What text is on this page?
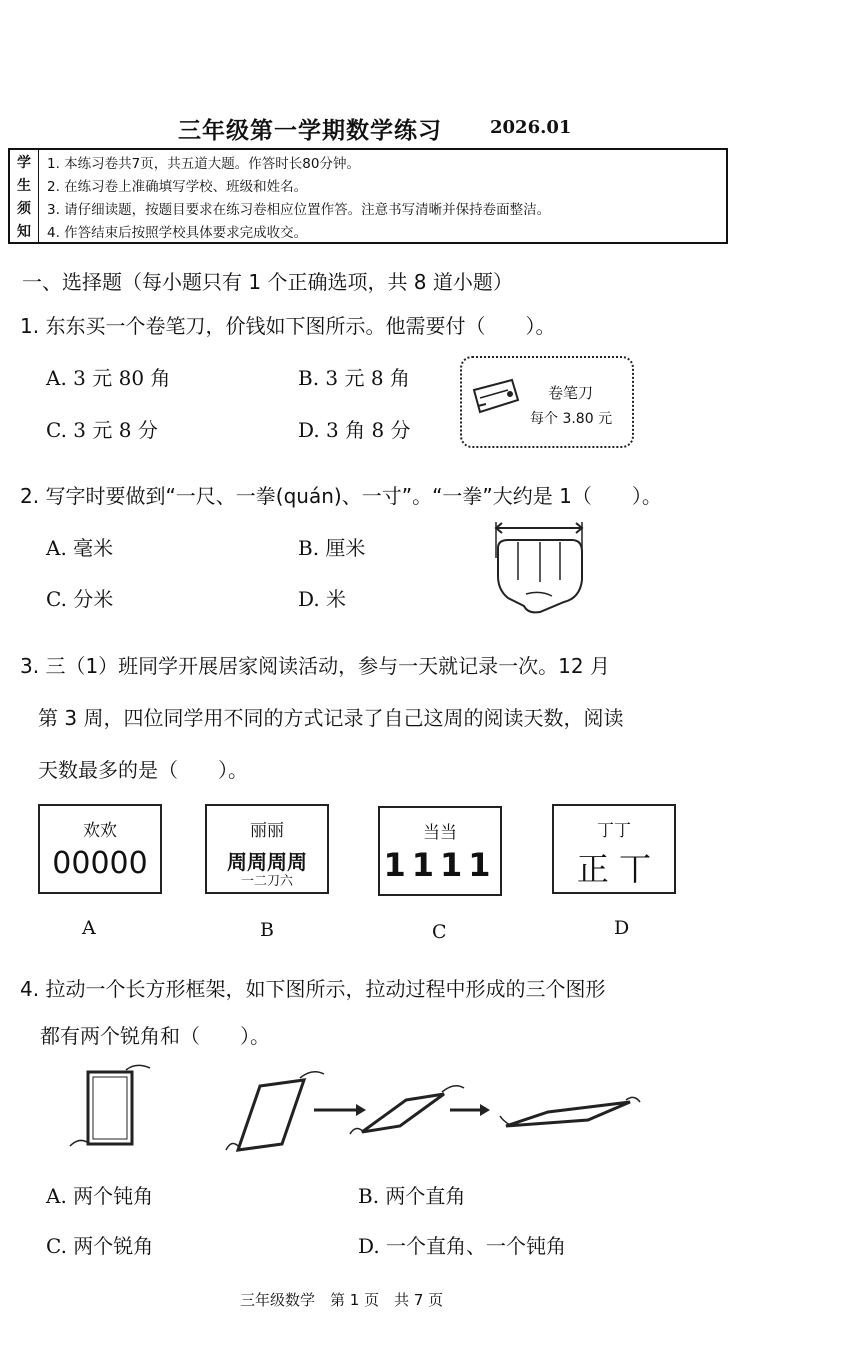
三年级第一学期数学练习	2026.01
学
生
须
知
1. 本练习卷共7页，共五道大题。作答时长80分钟。
2. 在练习卷上准确填写学校、班级和姓名。
3. 请仔细读题，按题目要求在练习卷相应位置作答。注意书写清晰并保持卷面整洁。
4. 作答结束后按照学校具体要求完成收交。
一、选择题（每小题只有 1 个正确选项，共 8 道小题）
1. 东东买一个卷笔刀，价钱如下图所示。他需要付（　　）。
A. 3 元 80 角	B. 3 元 8 角
C. 3 元 8 分	D. 3 角 8 分
卷笔刀
每个 3.80 元
2. 写字时要做到“一尺、一拳(quán)、一寸”。“一拳”大约是 1（　　）。
A. 毫米	B. 厘米
C. 分米	D. 米
3. 三（1）班同学开展居家阅读活动，参与一天就记录一次。12 月
第 3 周，四位同学用不同的方式记录了自己这周的阅读天数，阅读
天数最多的是（　　）。
欢欢
00000
丽丽
周周周周
一二刀六
当当
1111
丁丁
正 丅
A	B	C	D
4. 拉动一个长方形框架，如下图所示，拉动过程中形成的三个图形
都有两个锐角和（　　）。
A. 两个钝角	B. 两个直角
C. 两个锐角	D. 一个直角、一个钝角
三年级数学　第 1 页　共 7 页
